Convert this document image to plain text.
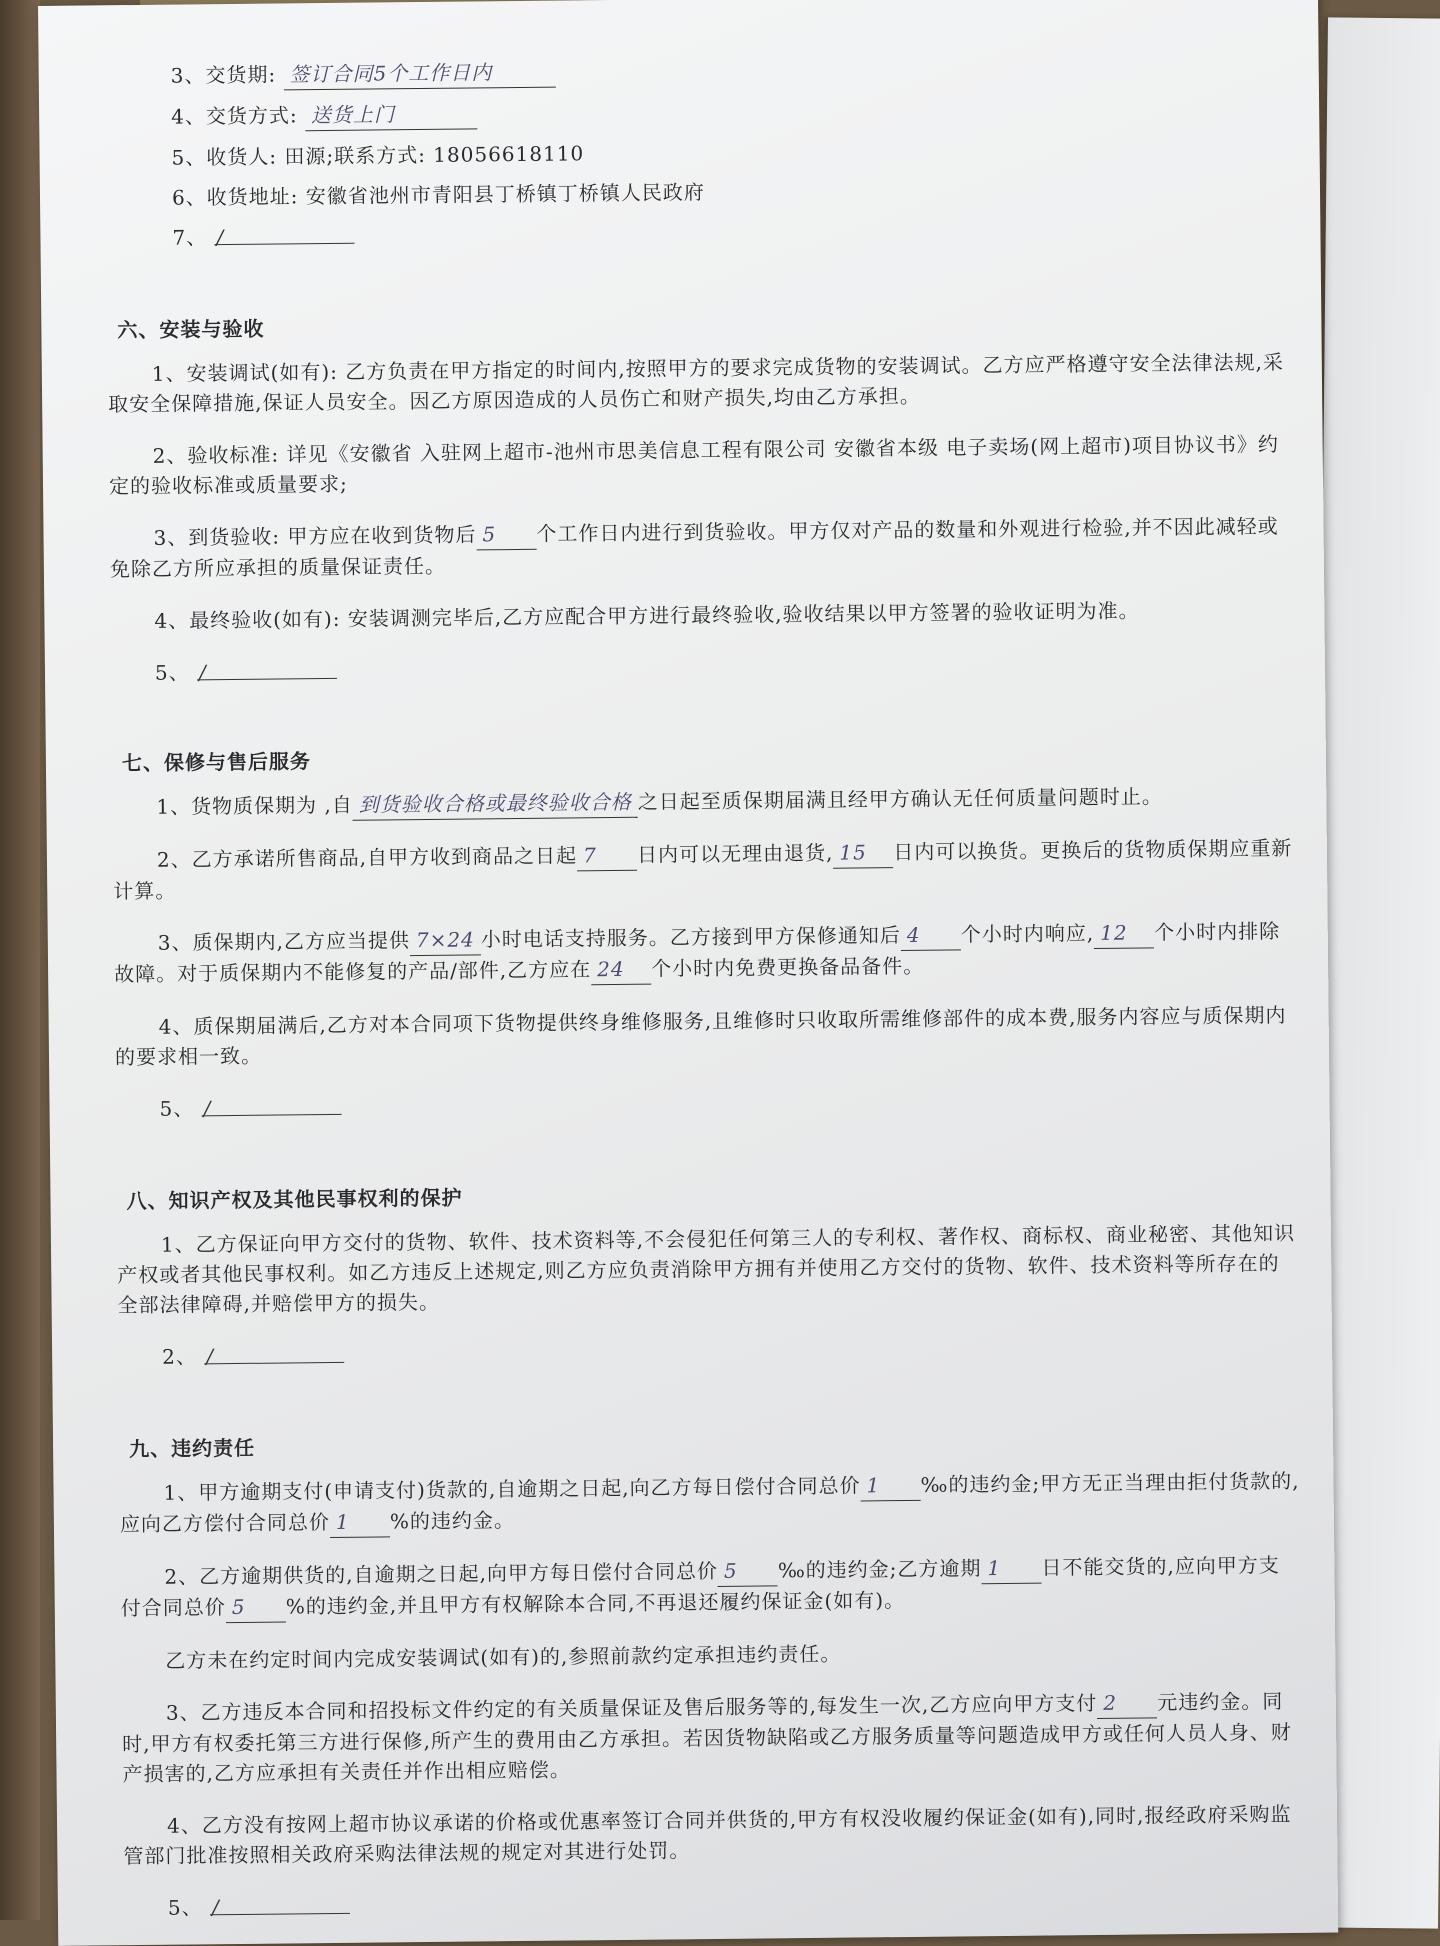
3、交货期: 签订合同5个工作日内
4、交货方式: 送货上门
5、收货人: 田源;联系方式: 18056618110
6、收货地址: 安徽省池州市青阳县丁桥镇丁桥镇人民政府
7、 /
六、安装与验收

1、安装调试(如有): 乙方负责在甲方指定的时间内,按照甲方的要求完成货物的安装调试。乙方应严格遵守安全法律法规,采取安全保障措施,保证人员安全。因乙方原因造成的人员伤亡和财产损失,均由乙方承担。

2、验收标准: 详见《安徽省 入驻网上超市-池州市思美信息工程有限公司 安徽省本级 电子卖场(网上超市)项目协议书》约定的验收标准或质量要求;

3、到货验收: 甲方应在收到货物后 5 个工作日内进行到货验收。甲方仅对产品的数量和外观进行检验,并不因此减轻或免除乙方所应承担的质量保证责任。

4、最终验收(如有): 安装调测完毕后,乙方应配合甲方进行最终验收,验收结果以甲方签署的验收证明为准。

5、 /
七、保修与售后服务

1、货物质保期为 ,自 到货验收合格或最终验收合格 之日起至质保期届满且经甲方确认无任何质量问题时止。

2、乙方承诺所售商品,自甲方收到商品之日起 7 日内可以无理由退货, 15 日内可以换货。更换后的货物质保期应重新计算。

3、质保期内,乙方应当提供 7×24 小时电话支持服务。乙方接到甲方保修通知后 4 个小时内响应, 12 个小时内排除故障。对于质保期内不能修复的产品/部件,乙方应在 24 个小时内免费更换备品备件。

4、质保期届满后,乙方对本合同项下货物提供终身维修服务,且维修时只收取所需维修部件的成本费,服务内容应与质保期内的要求相一致。

5、 /
八、知识产权及其他民事权利的保护

1、乙方保证向甲方交付的货物、软件、技术资料等,不会侵犯任何第三人的专利权、著作权、商标权、商业秘密、其他知识产权或者其他民事权利。如乙方违反上述规定,则乙方应负责消除甲方拥有并使用乙方交付的货物、软件、技术资料等所存在的全部法律障碍,并赔偿甲方的损失。

2、 /
九、违约责任

1、甲方逾期支付(申请支付)货款的,自逾期之日起,向乙方每日偿付合同总价 1 ‰的违约金;甲方无正当理由拒付货款的,应向乙方偿付合同总价 1 %的违约金。

2、乙方逾期供货的,自逾期之日起,向甲方每日偿付合同总价 5 ‰的违约金;乙方逾期 1 日不能交货的,应向甲方支付合同总价 5 %的违约金,并且甲方有权解除本合同,不再退还履约保证金(如有)。

乙方未在约定时间内完成安装调试(如有)的,参照前款约定承担违约责任。

3、乙方违反本合同和招投标文件约定的有关质量保证及售后服务等的,每发生一次,乙方应向甲方支付 2 元违约金。同时,甲方有权委托第三方进行保修,所产生的费用由乙方承担。若因货物缺陷或乙方服务质量等问题造成甲方或任何人员人身、财产损害的,乙方应承担有关责任并作出相应赔偿。

4、乙方没有按网上超市协议承诺的价格或优惠率签订合同并供货的,甲方有权没收履约保证金(如有),同时,报经政府采购监管部门批准按照相关政府采购法律法规的规定对其进行处罚。

5、 /
